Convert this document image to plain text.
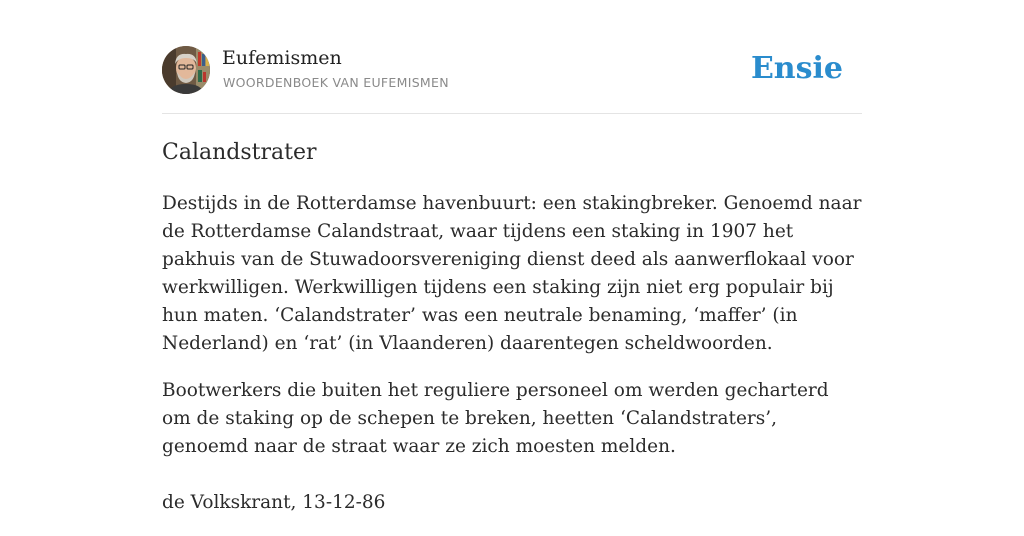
Eufemismen
WOORDENBOEK VAN EUFEMISMEN	Ensie
Calandstrater

Destijds in de Rotterdamse havenbuurt: een stakingbreker. Genoemd naar de Rotterdamse Calandstraat, waar tijdens een staking in 1907 het pakhuis van de Stuwadoorsvereniging dienst deed als aanwerflokaal voor werkwilligen. Werkwilligen tijdens een staking zijn niet erg populair bij hun maten. ‘Calandstrater’ was een neutrale benaming, ‘maffer’ (in Nederland) en ‘rat’ (in Vlaanderen) daarentegen scheldwoorden.

Bootwerkers die buiten het reguliere personeel om werden gecharterd om de staking op de schepen te breken, heetten ‘Calandstraters’, genoemd naar de straat waar ze zich moesten melden.

de Volkskrant, 13-12-86
